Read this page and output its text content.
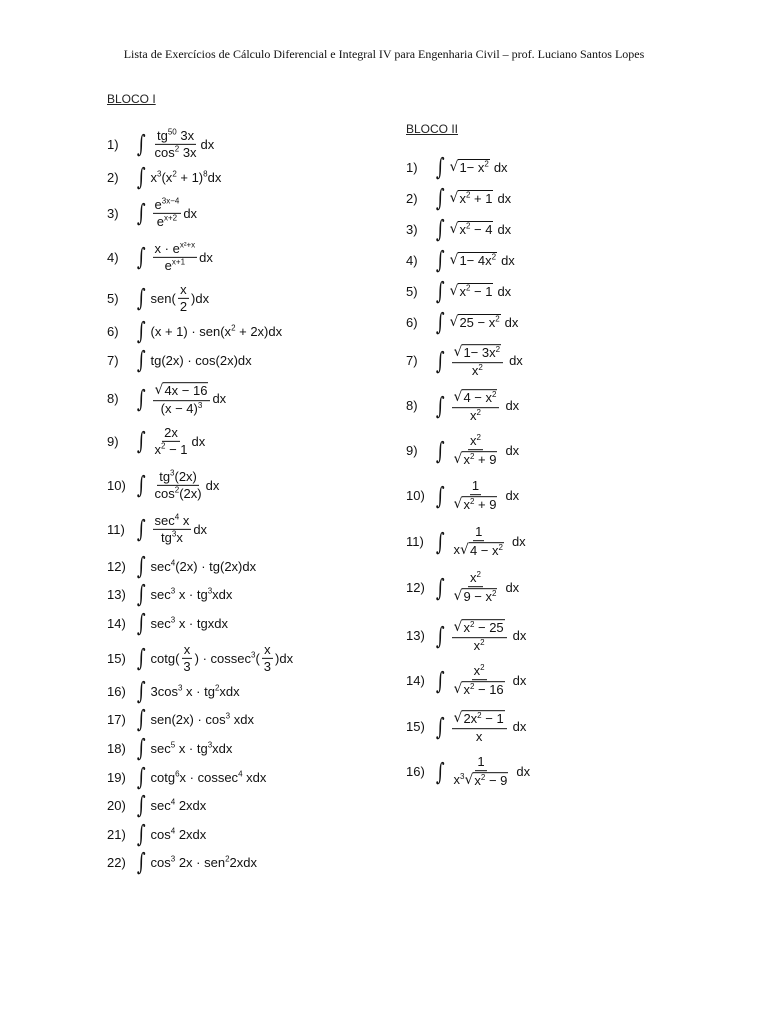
Lista de Exercícios de Cálculo Diferencial e Integral IV para Engenharia Civil – prof. Luciano Santos Lopes
BLOCO I
BLOCO II
1) ∫ $\frac{tg^{50} 3x}{\cos^2 3x}$ dx
2) ∫ $x^3(x^2 + 1)^8$ dx
3) ∫ $\frac{e^{3x-4}}{e^{x+2}}$ dx
4) ∫ $\frac{x \cdot e^{x^2+x}}{e^{x+1}}$ dx
5) ∫ $sen( \frac{x}{2}$ ) dx
6) ∫ $(x + 1) \cdot sen(x^2 + 2x)$ dx
7) ∫ tg(2x) · cos(2x) dx
8) ∫ $\frac{√ 4x - 16}{(x - 4)^3}$ dx
9) ∫ $\frac{2x}{x^2 - 1}$ dx
10) ∫ $\frac{tg^3(2x)}{\cos^2(2x)}$ dx
11) ∫ $\frac{\sec^4 x}{tg^3x}$ dx
12) ∫ $\sec^4(2x) \cdot tg(2x)$ dx
13) ∫ $\sec^3 x \cdot tg^3x$ dx
14) ∫ $\sec^3 x$ · tgx dx
15) ∫ $\cot g( \frac{x}{3}$ ) · $cossec^3( \frac{x}{3}$ ) dx
16) ∫ $3\cos^3$ $x \cdot tg^2x$ dx
17) ∫ $sen(2x) \cdot \cos^3 x$ dx
18) ∫ $\sec^5 x \cdot tg^3x$ dx
19) ∫ cotg$^6$x · cossec$^4$ x dx
20) ∫ $\sec^4 2x$ dx
21) ∫ $\cos^4 2x$ dx
22) ∫ $\cos^3 2x \cdot sen^22x$ dx
1) ∫ √ $1- x^2$ dx
2) ∫ √ $x^2 + 1$ dx
3) ∫ √ $x^2 - 4$ dx
4) ∫ √ $1- 4x^2$ dx
5) ∫ √ $x^2 - 1$ dx
6) ∫ √ $25 - x^2$ dx
7) ∫ $\frac{√ 1- 3x^2}{x^2}$ dx
8) ∫ $\frac{√ 4 - x^2}{x^2}$ dx
9) ∫ $\frac{x^2}{√ x^2 + 9}$ dx
10) ∫ $\frac{1}{√ x^2 + 9}$ dx
11) ∫ $\frac{1}{x √ 4 - x^2}$ dx
12) ∫ $\frac{x^2}{√ 9 - x^2}$ dx
13) ∫ $\frac{√ x^2 - 25}{x^2}$ dx
14) ∫ $\frac{x^2}{√ x^2 - 16}$ dx
15) ∫ $\frac{√ 2x^2 - 1}{x}$ dx
16) ∫ $\frac{1}{x^3 √ x^2 - 9}$ dx
